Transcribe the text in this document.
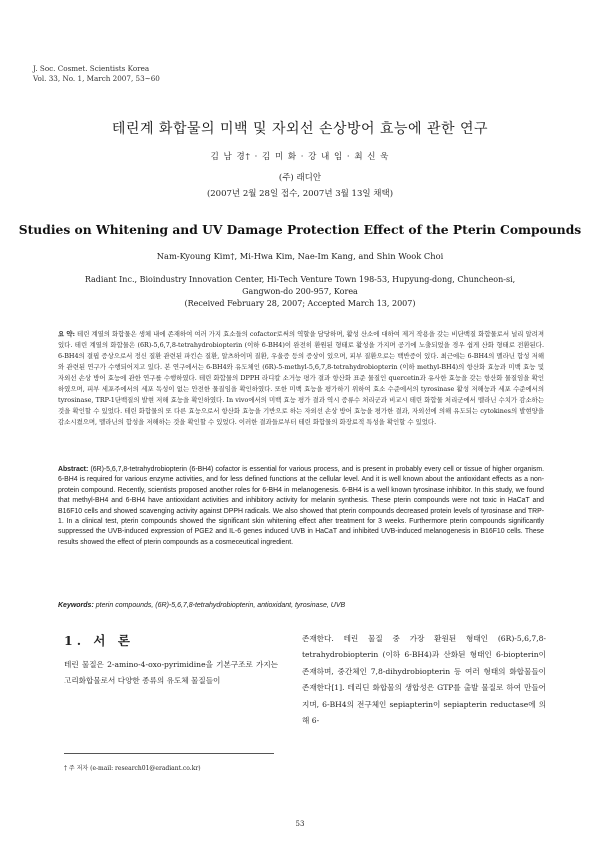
J. Soc. Cosmet. Scientists Korea
Vol. 33, No. 1, March 2007, 53~60
테린계 화합물의 미백 및 자외선 손상방어 효능에 관한 연구
김 남 경† · 김 미 화 · 강 내 임 · 최 신 욱
(주) 래디안
(2007년 2월 28일 접수, 2007년 3월 13일 채택)
Studies on Whitening and UV Damage Protection Effect of the Pterin Compounds
Nam-Kyoung Kim†, Mi-Hwa Kim, Nae-Im Kang, and Shin Wook Choi
Radiant Inc., Bioindustry Innovation Center, Hi-Tech Venture Town 198-53, Hupyung-dong, Chuncheon-si,
Gangwon-do 200-957, Korea
(Received February 28, 2007; Accepted March 13, 2007)
요 약: 테린 계열의 화합물은 생체 내에 존재하여 여러 가지 효소들의 cofactor로써의 역할을 담당하며, 활성 산소에 대하여 제거 작용을 갖는 비단백질 화합물로서 널리 알려져 있다. 테린 계열의 화합물은 (6R)-5,6,7,8-tetrahydrobiopterin (이하 6-BH4)이 완전히 환원된 형태로 활성을 가지며 공기에 노출되었을 경우 쉽게 산화 형태로 전환된다. 6-BH4의 결핍 증상으로서 정신 질환 관련된 파킨슨 질환, 알츠하이머 질환, 우울증 등의 증상이 있으며, 피부 질환으로는 백반증이 있다. 최근에는 6-BH4의 멜라닌 합성 저해와 관련된 연구가 수행되어지고 있다. 본 연구에서는 6-BH4와 유도체인 (6R)-5-methyl-5,6,7,8-tetrahydrobiopterin (이하 methyl-BH4)의 항산화 효능과 미백 효능 및 자외선 손상 방어 효능에 관한 연구를 수행하였다. 테린 화합물의 DPPH 라디칼 소거능 평가 결과 항산화 표준 물질인 quercetin과 유사한 효능을 갖는 항산화 물질임을 확인하였으며, 피부 세포주에서의 세포 독성이 없는 안전한 물질임을 확인하였다. 또한 미백 효능을 평가하기 위하여 효소 수준에서의 tyrosinase 활성 저해능과 세포 수준에서의 tyrosinase, TRP-1단백질의 발현 저해 효능을 확인하였다. In vivo에서의 미백 효능 평가 결과 역시 증류수 처리군과 비교시 테린 화합물 처리군에서 멜라닌 수치가 감소하는 것을 확인할 수 있었다. 테린 화합물의 또 다른 효능으로서 항산화 효능을 기반으로 하는 자외선 손상 방어 효능을 평가한 결과, 자외선에 의해 유도되는 cytokines의 발현양을 감소시켰으며, 멜라닌의 합성을 저해하는 것을 확인할 수 있었다. 이러한 결과들로부터 테린 화합물의 화장료적 특성을 확인할 수 있었다.
Abstract: (6R)-5,6,7,8-tetrahydrobiopterin (6-BH4) cofactor is essential for various process, and is present in probably every cell or tissue of higher organism. 6-BH4 is required for various enzyme activities, and for less defined functions at the cellular level. And it is well known about the antioxidant effects as a non-protein compound. Recently, scientists proposed another roles for 6-BH4 in melanogenesis. 6-BH4 is a well known tyrosinase inhibitor. In this study, we found that methyl-BH4 and 6-BH4 have antioxidant activities and inhibitory activity for melanin synthesis. These pterin compounds were not toxic in HaCaT and B16F10 cells and showed scavenging activity against DPPH radicals. We also showed that pterin compounds decreased protein levels of tyrosinase and TRP-1. In a clinical test, pterin compounds showed the significant skin whitening effect after treatment for 3 weeks. Furthermore pterin compounds significantly suppressed the UVB-induced expression of PGE2 and IL-6 genes induced UVB in HaCaT and inhibited UVB-induced melanogenesis in B16F10 cells. These results showed the effect of pterin compounds as a cosmeceutical ingredient.
Keywords: pterin compounds, (6R)-5,6,7,8-tetrahydrobiopterin, antioxidant, tyrosinase, UVB
1. 서 론
테린 물질은 2-amino-4-oxo-pyrimidine을 기본구조로 가지는 고리화합물로서 다양한 종류의 유도체 물질들이
존재한다. 테린 물질 중 가장 환원된 형태인 (6R)-5,6,7,8-tetrahydrobiopterin (이하 6-BH4)과 산화된 형태인 6-biopterin이 존재하며, 중간체인 7,8-dihydrobiopterin 등 여러 형태의 화합물들이 존재한다[1]. 테리딘 화합물의 생합성은 GTP를 출발 물질로 하여 만들어지며, 6-BH4의 전구체인 sepiapterin이 sepiapterin reductase에 의해 6-
† 주 저자 (e-mail: research01@eradiant.co.kr)
53
